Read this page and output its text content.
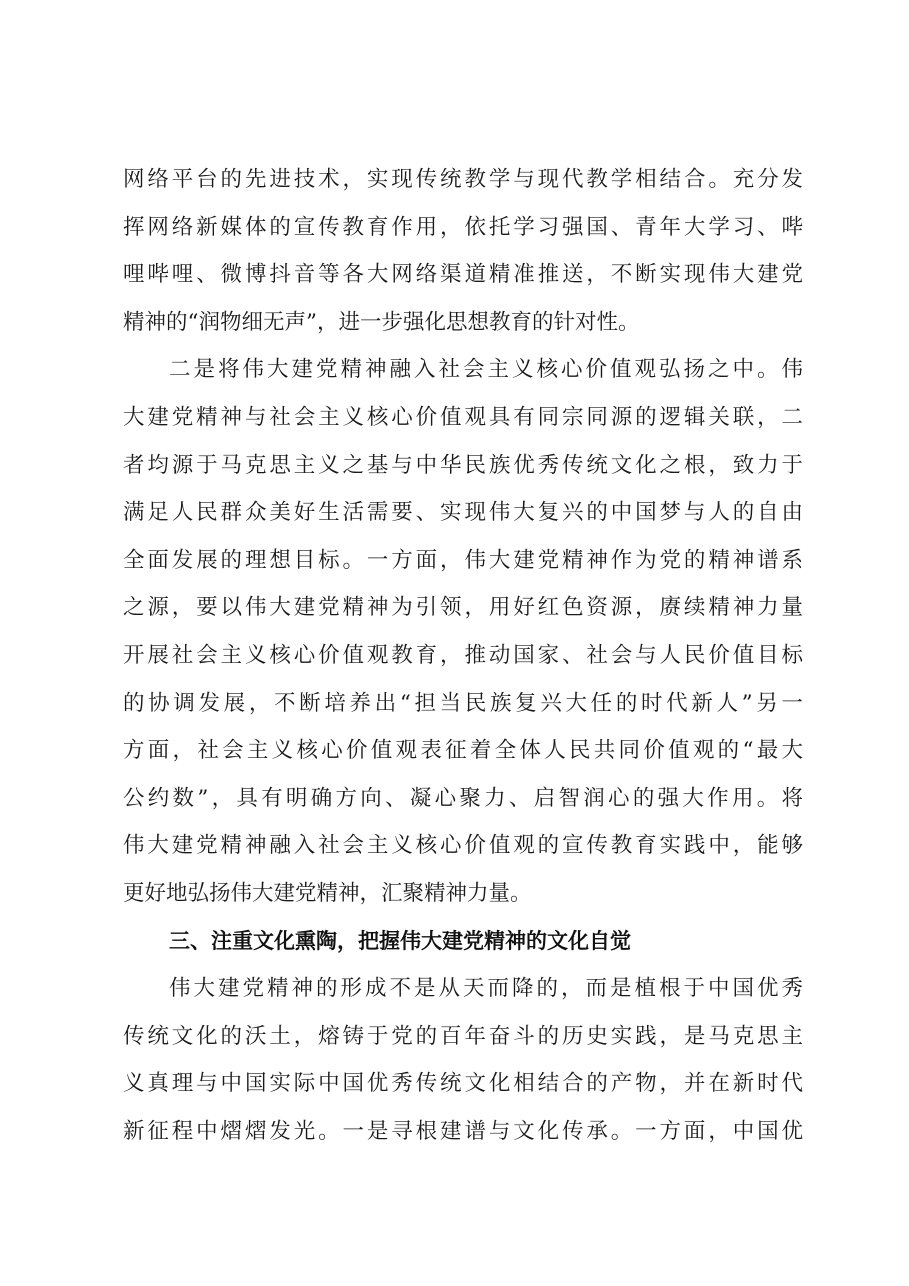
网络平台的先进技术，实现传统教学与现代教学相结合。充分发
挥网络新媒体的宣传教育作用，依托学习强国、青年大学习、哔
哩哔哩、微博抖音等各大网络渠道精准推送，不断实现伟大建党
精神的“润物细无声”，进一步强化思想教育的针对性。
二是将伟大建党精神融入社会主义核心价值观弘扬之中。伟
大建党精神与社会主义核心价值观具有同宗同源的逻辑关联，二
者均源于马克思主义之基与中华民族优秀传统文化之根，致力于
满足人民群众美好生活需要、实现伟大复兴的中国梦与人的自由
全面发展的理想目标。一方面，伟大建党精神作为党的精神谱系
之源，要以伟大建党精神为引领，用好红色资源，赓续精神力量
开展社会主义核心价值观教育，推动国家、社会与人民价值目标
的协调发展，不断培养出“担当民族复兴大任的时代新人”另一
方面，社会主义核心价值观表征着全体人民共同价值观的“最大
公约数”，具有明确方向、凝心聚力、启智润心的强大作用。将
伟大建党精神融入社会主义核心价值观的宣传教育实践中，能够
更好地弘扬伟大建党精神，汇聚精神力量。
三、注重文化熏陶，把握伟大建党精神的文化自觉
伟大建党精神的形成不是从天而降的，而是植根于中国优秀
传统文化的沃土，熔铸于党的百年奋斗的历史实践，是马克思主
义真理与中国实际中国优秀传统文化相结合的产物，并在新时代
新征程中熠熠发光。一是寻根建谱与文化传承。一方面，中国优
